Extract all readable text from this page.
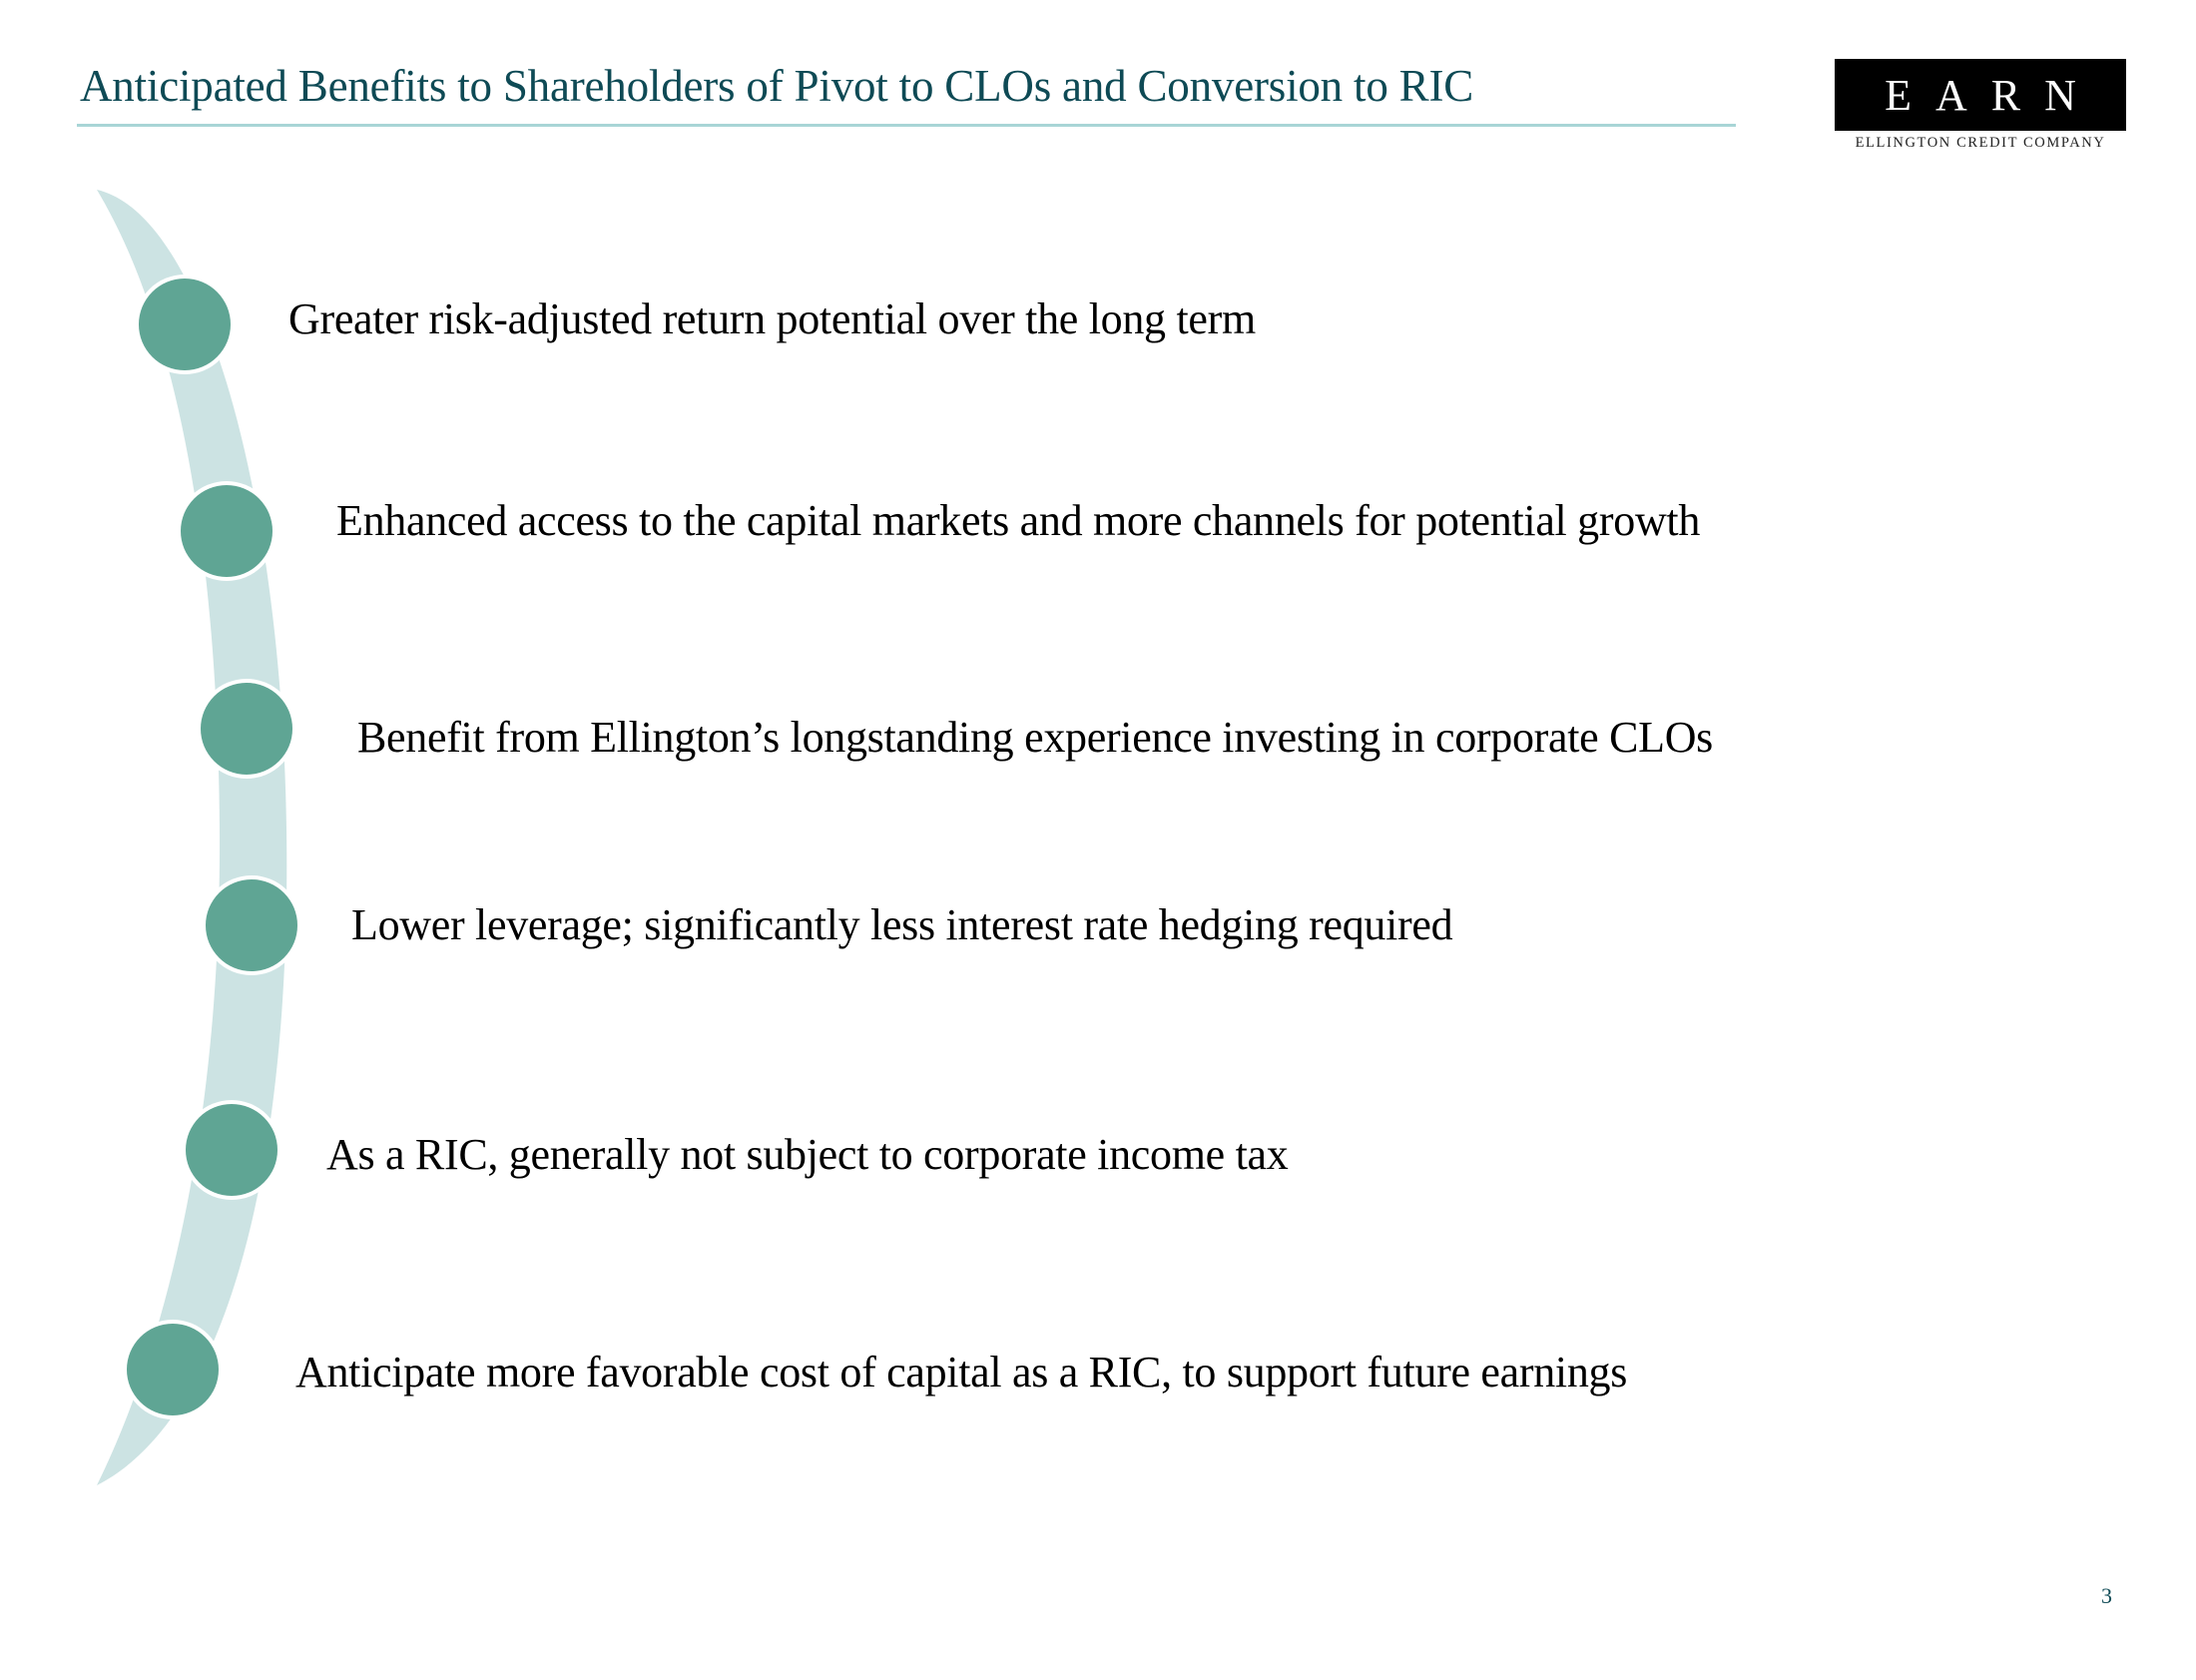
Anticipated Benefits to Shareholders of Pivot to CLOs and Conversion to RIC	EARN
ELLINGTON CREDIT COMPANY
Greater risk-adjusted return potential over the long term
Enhanced access to the capital markets and more channels for potential growth
Benefit from Ellington’s longstanding experience investing in corporate CLOs
Lower leverage; significantly less interest rate hedging required
As a RIC, generally not subject to corporate income tax
Anticipate more favorable cost of capital as a RIC, to support future earnings
3
